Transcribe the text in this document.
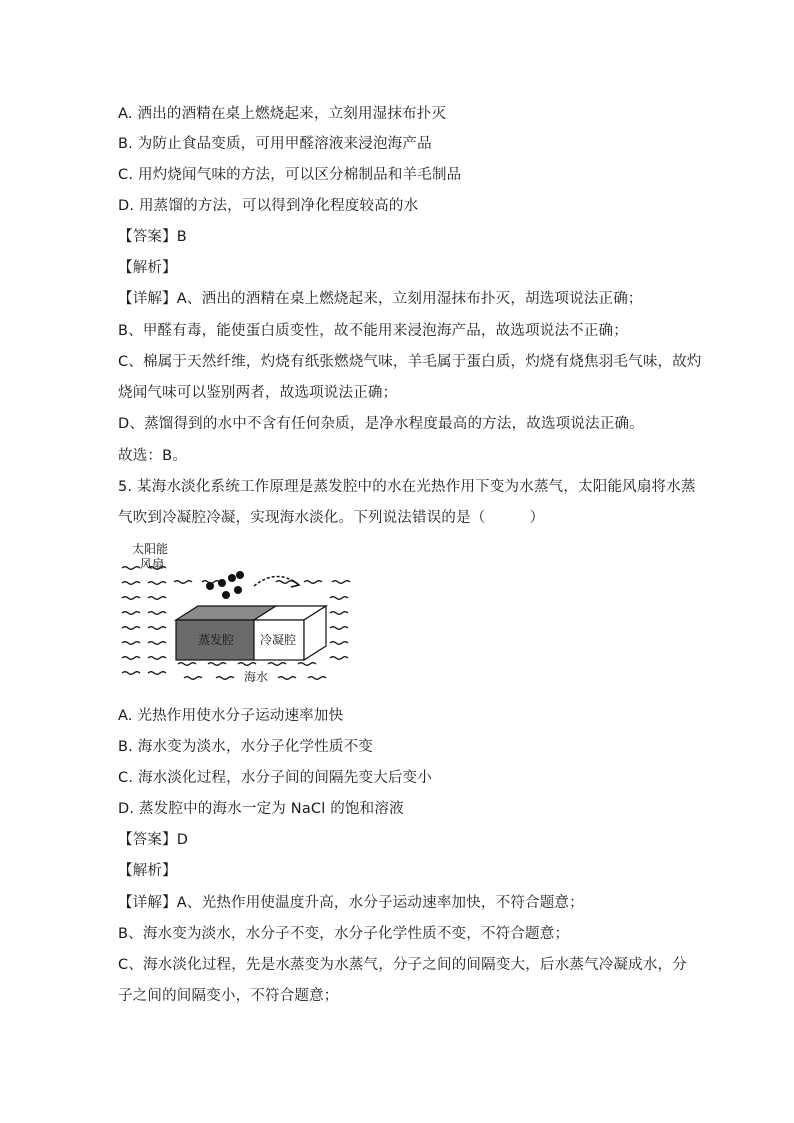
A. 洒出的酒精在桌上燃烧起来，立刻用湿抹布扑灭
B. 为防止食品变质，可用甲醛溶液来浸泡海产品
C. 用灼烧闻气味的方法，可以区分棉制品和羊毛制品
D. 用蒸馏的方法，可以得到净化程度较高的水
【答案】B
【解析】
【详解】A、洒出的酒精在桌上燃烧起来，立刻用湿抹布扑灭，胡选项说法正确；
B、甲醛有毒，能使蛋白质变性，故不能用来浸泡海产品，故选项说法不正确；
C、棉属于天然纤维，灼烧有纸张燃烧气味，羊毛属于蛋白质，灼烧有烧焦羽毛气味，故灼
烧闻气味可以鉴别两者，故选项说法正确；
D、蒸馏得到的水中不含有任何杂质，是净水程度最高的方法，故选项说法正确。
故选：B。
5. 某海水淡化系统工作原理是蒸发腔中的水在光热作用下变为水蒸气，太阳能风扇将水蒸
气吹到冷凝腔冷凝，实现海水淡化。下列说法错误的是（　　　）
太阳能
风扇
蒸发腔 冷凝腔
海水
A. 光热作用使水分子运动速率加快
B. 海水变为淡水，水分子化学性质不变
C. 海水淡化过程，水分子间的间隔先变大后变小
D. 蒸发腔中的海水一定为 NaCl 的饱和溶液
【答案】D
【解析】
【详解】A、光热作用使温度升高，水分子运动速率加快，不符合题意；
B、海水变为淡水，水分子不变，水分子化学性质不变，不符合题意；
C、海水淡化过程，先是水蒸变为水蒸气，分子之间的间隔变大，后水蒸气冷凝成水，分
子之间的间隔变小，不符合题意；
